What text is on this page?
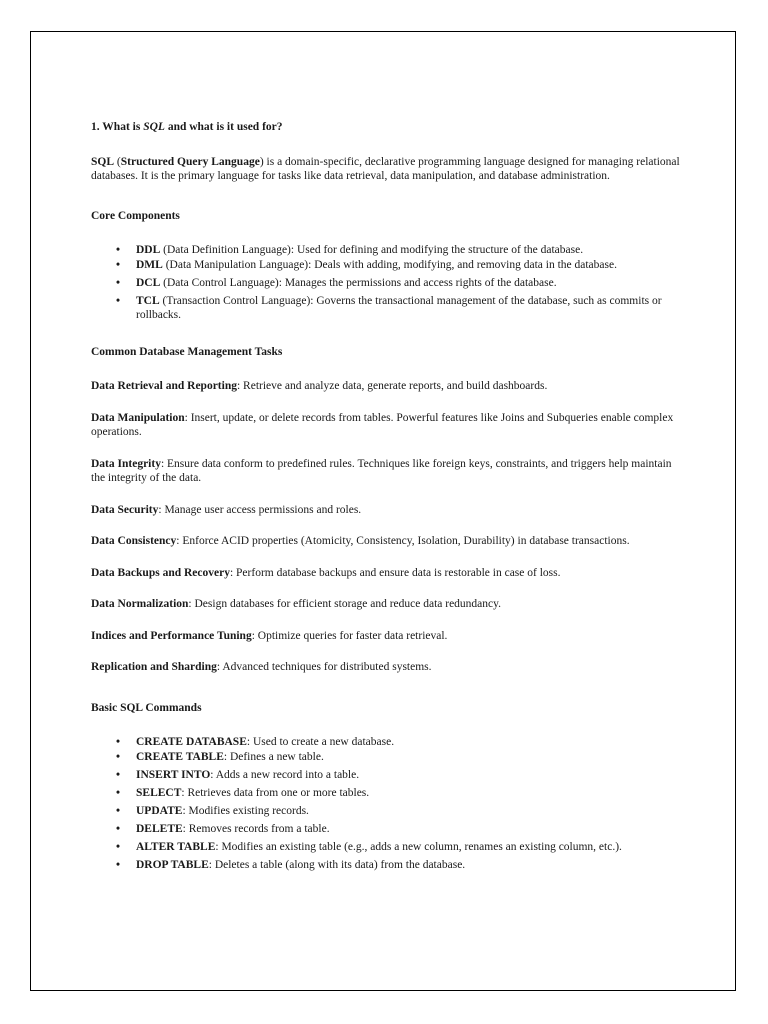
1. What is SQL and what is it used for?

SQL (Structured Query Language) is a domain-specific, declarative programming language designed for managing relational databases. It is the primary language for tasks like data retrieval, data manipulation, and database administration.

Core Components

• DDL (Data Definition Language): Used for defining and modifying the structure of the database.
• DML (Data Manipulation Language): Deals with adding, modifying, and removing data in the database.
• DCL (Data Control Language): Manages the permissions and access rights of the database.
• TCL (Transaction Control Language): Governs the transactional management of the database, such as commits or rollbacks.

Common Database Management Tasks

Data Retrieval and Reporting: Retrieve and analyze data, generate reports, and build dashboards.

Data Manipulation: Insert, update, or delete records from tables. Powerful features like Joins and Subqueries enable complex operations.

Data Integrity: Ensure data conform to predefined rules. Techniques like foreign keys, constraints, and triggers help maintain the integrity of the data.

Data Security: Manage user access permissions and roles.

Data Consistency: Enforce ACID properties (Atomicity, Consistency, Isolation, Durability) in database transactions.

Data Backups and Recovery: Perform database backups and ensure data is restorable in case of loss.

Data Normalization: Design databases for efficient storage and reduce data redundancy.

Indices and Performance Tuning: Optimize queries for faster data retrieval.

Replication and Sharding: Advanced techniques for distributed systems.

Basic SQL Commands

• CREATE DATABASE: Used to create a new database.
• CREATE TABLE: Defines a new table.
• INSERT INTO: Adds a new record into a table.
• SELECT: Retrieves data from one or more tables.
• UPDATE: Modifies existing records.
• DELETE: Removes records from a table.
• ALTER TABLE: Modifies an existing table (e.g., adds a new column, renames an existing column, etc.).
• DROP TABLE: Deletes a table (along with its data) from the database.
